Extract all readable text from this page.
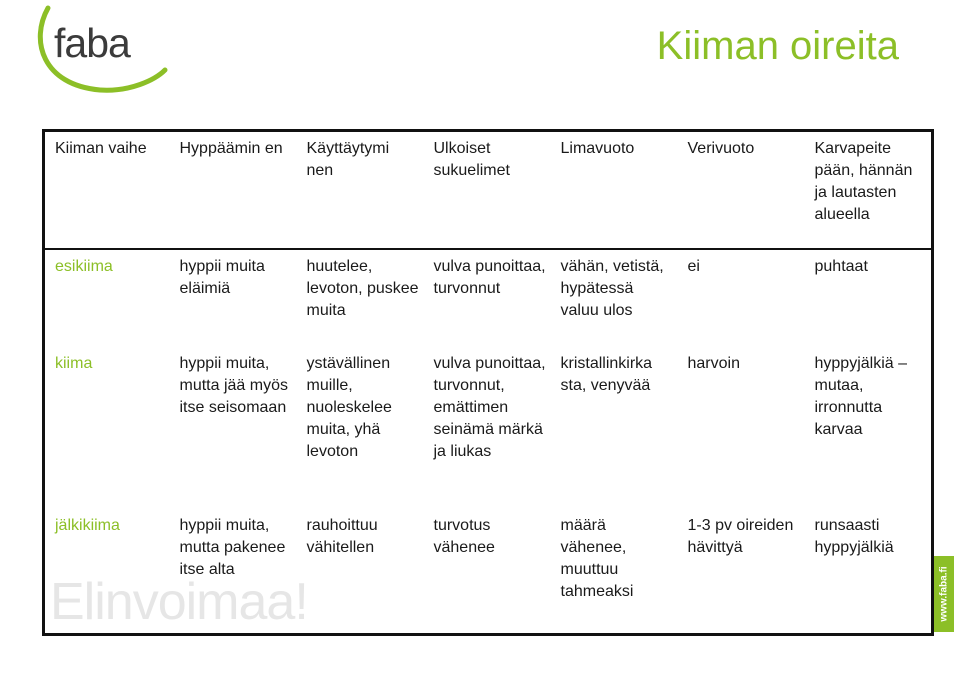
faba	Kiiman oireita
Elinvoimaa!	www.faba.fi
Kiiman vaihe	Hyppäämin en	Käyttäytymi nen	Ulkoiset sukuelimet	Limavuoto	Verivuoto	Karvapeite pään, hännän ja lautasten alueella
esikiima	hyppii muita eläimiä	huutelee, levoton, puskee muita	vulva punoittaa, turvonnut	vähän, vetistä, hypätessä valuu ulos	ei	puhtaat
kiima	hyppii muita, mutta jää myös itse seisomaan	ystävällinen muille, nuoleskelee muita, yhä levoton	vulva punoittaa, turvonnut, emättimen seinämä märkä ja liukas	kristallinkirka sta, venyvää	harvoin	hyppyjälkiä – mutaa, irronnutta karvaa
jälkikiima	hyppii muita, mutta pakenee itse alta	rauhoittuu vähitellen	turvotus vähenee	määrä vähenee, muuttuu tahmeaksi	1-3 pv oireiden hävittyä	runsaasti hyppyjälkiä
